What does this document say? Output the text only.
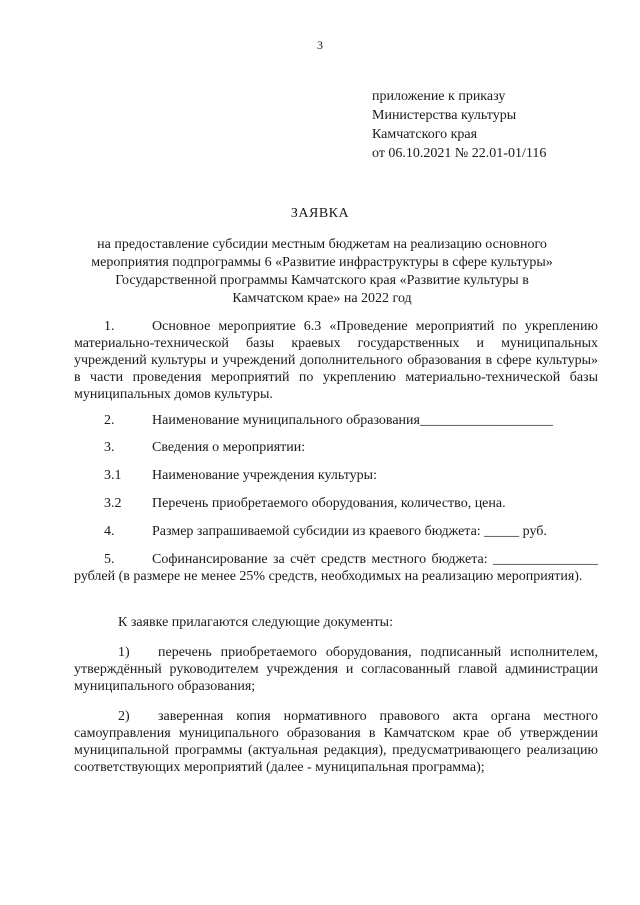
3
приложение к приказу
Министерства культуры
Камчатского края
от 06.10.2021 № 22.01-01/116
ЗАЯВКА
на предоставление субсидии местным бюджетам на реализацию основного
мероприятия подпрограммы 6 «Развитие инфраструктуры в сфере культуры»
Государственной программы Камчатского края «Развитие культуры в
Камчатском крае» на 2022 год

1.	Основное мероприятие 6.3 «Проведение мероприятий по укреплению материально-технической базы краевых государственных и муниципальных учреждений культуры и учреждений дополнительного образования в сфере культуры» в части проведения мероприятий по укреплению материально-технической базы муниципальных домов культуры.

2.	Наименование муниципального образования___________________
3.	Сведения о мероприятии:
3.1 Наименование учреждения культуры:
3.2 Перечень приобретаемого оборудования, количество, цена.
4.	Размер запрашиваемой субсидии из краевого бюджета: _____ руб.

5.	Софинансирование за счёт средств местного бюджета: _______________ рублей (в размере не менее 25% средств, необходимых на реализацию мероприятия).

К заявке прилагаются следующие документы:

1) перечень приобретаемого оборудования, подписанный исполнителем, утверждённый руководителем учреждения и согласованный главой администрации муниципального образования;

2) заверенная копия нормативного правового акта органа местного самоуправления муниципального образования в Камчатском крае об утверждении муниципальной программы (актуальная редакция), предусматривающего реализацию соответствующих мероприятий (далее - муниципальная программа);
